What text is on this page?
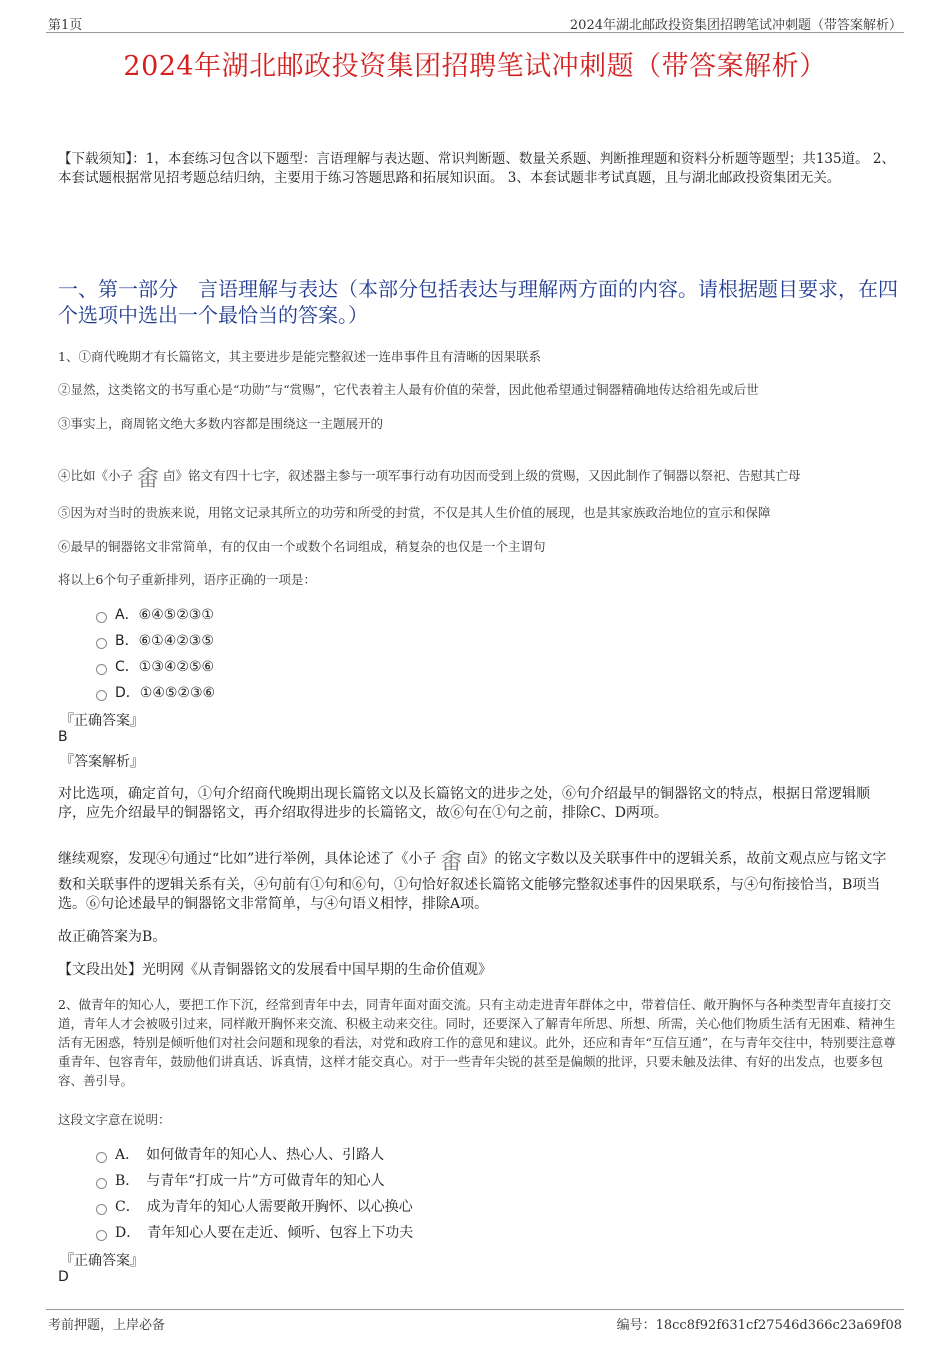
第1页	2024年湖北邮政投资集团招聘笔试冲刺题（带答案解析）
2024年湖北邮政投资集团招聘笔试冲刺题（带答案解析）
【下载须知】：1，本套练习包含以下题型：言语理解与表达题、常识判断题、数量关系题、判断推理题和资料分析题等题型；共135道。 2、本套试题根据常见招考题总结归纳，主要用于练习答题思路和拓展知识面。 3、本套试题非考试真题，且与湖北邮政投资集团无关。
一、第一部分　言语理解与表达（本部分包括表达与理解两方面的内容。请根据题目要求，在四个选项中选出一个最恰当的答案。）
1、①商代晚期才有长篇铭文，其主要进步是能完整叙述一连串事件且有清晰的因果联系
②显然，这类铭文的书写重心是“功勋”与“赏赐”，它代表着主人最有价值的荣誉，因此他希望通过铜器精确地传达给祖先或后世
③事实上，商周铭文绝大多数内容都是围绕这一主题展开的
④比如《小子 畬 卣》铭文有四十七字，叙述器主参与一项军事行动有功因而受到上级的赏赐，又因此制作了铜器以祭祀、告慰其亡母
⑤因为对当时的贵族来说，用铭文记录其所立的功劳和所受的封赏，不仅是其人生价值的展现，也是其家族政治地位的宣示和保障
⑥最早的铜器铭文非常简单，有的仅由一个或数个名词组成，稍复杂的也仅是一个主谓句
将以上6个句子重新排列，语序正确的一项是：
A．⑥④⑤②③①
B．⑥①④②③⑤
C．①③④②⑤⑥
D．①④⑤②③⑥
『正确答案』
B
『答案解析』
对比选项，确定首句，①句介绍商代晚期出现长篇铭文以及长篇铭文的进步之处，⑥句介绍最早的铜器铭文的特点，根据日常逻辑顺序，应先介绍最早的铜器铭文，再介绍取得进步的长篇铭文，故⑥句在①句之前，排除C、D两项。
继续观察，发现④句通过“比如”进行举例，具体论述了《小子 畬 卣》的铭文字数以及关联事件中的逻辑关系，故前文观点应与铭文字数和关联事件的逻辑关系有关，④句前有①句和⑥句，①句恰好叙述长篇铭文能够完整叙述事件的因果联系，与④句衔接恰当，B项当选。⑥句论述最早的铜器铭文非常简单，与④句语义相悖，排除A项。
故正确答案为B。
【文段出处】光明网《从青铜器铭文的发展看中国早期的生命价值观》
2、做青年的知心人，要把工作下沉，经常到青年中去，同青年面对面交流。只有主动走进青年群体之中，带着信任、敞开胸怀与各种类型青年直接打交道，青年人才会被吸引过来，同样敞开胸怀来交流、积极主动来交往。同时，还要深入了解青年所思、所想、所需，关心他们物质生活有无困难、精神生活有无困惑，特别是倾听他们对社会问题和现象的看法，对党和政府工作的意见和建议。此外，还应和青年“互信互通”，在与青年交往中，特别要注意尊重青年、包容青年，鼓励他们讲真话、诉真情，这样才能交真心。对于一些青年尖锐的甚至是偏颇的批评，只要未触及法律、有好的出发点，也要多包容、善引导。
这段文字意在说明：
A．　如何做青年的知心人、热心人、引路人
B．　与青年“打成一片”方可做青年的知心人
C．　成为青年的知心人需要敞开胸怀、以心换心
D．　青年知心人要在走近、倾听、包容上下功夫
『正确答案』
D
考前押题，上岸必备	编号：18cc8f92f631cf27546d366c23a69f08
